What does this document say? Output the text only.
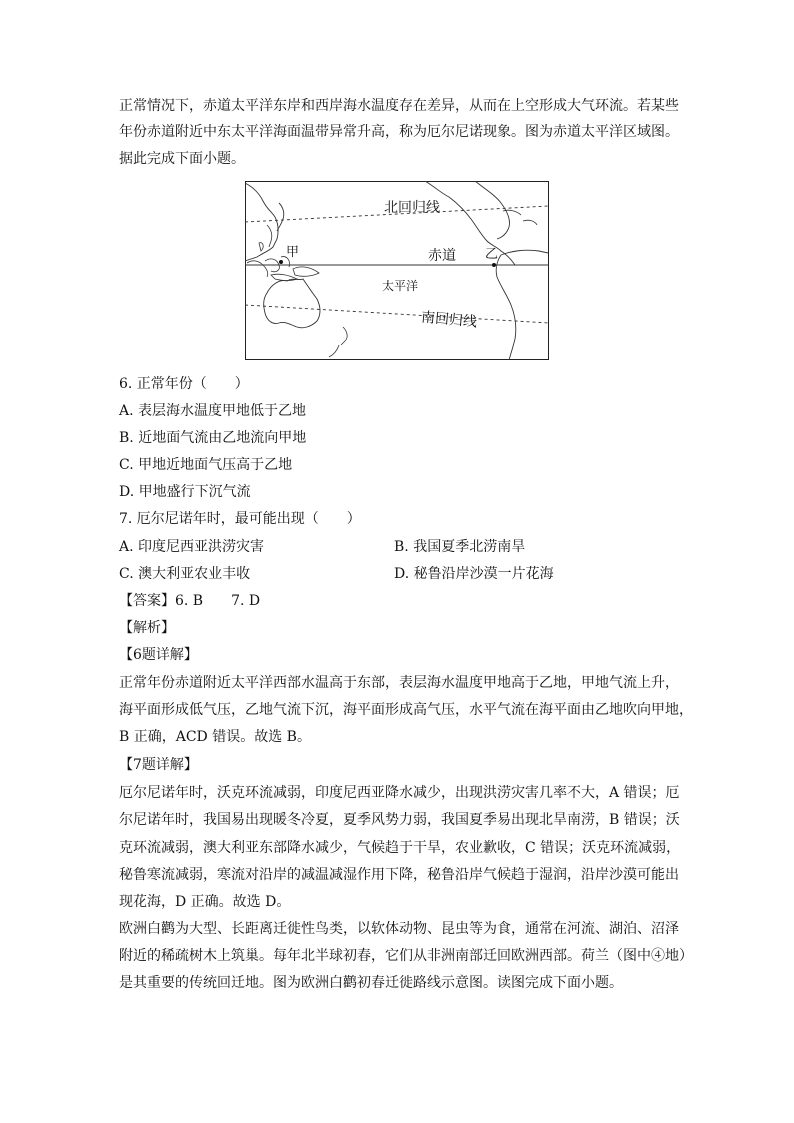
正常情况下，赤道太平洋东岸和西岸海水温度存在差异，从而在上空形成大气环流。若某些
年份赤道附近中东太平洋海面温带异常升高，称为厄尔尼诺现象。图为赤道太平洋区域图。
据此完成下面小题。
北回归线
甲	赤道 乙
太平洋
南回归线
6. 正常年份（　　）
A. 表层海水温度甲地低于乙地
B. 近地面气流由乙地流向甲地
C. 甲地近地面气压高于乙地
D. 甲地盛行下沉气流
7. 厄尔尼诺年时，最可能出现（　　）
A. 印度尼西亚洪涝灾害	B. 我国夏季北涝南旱
C. 澳大利亚农业丰收	D. 秘鲁沿岸沙漠一片花海
【答案】6. B　　7. D
【解析】
【6题详解】
正常年份赤道附近太平洋西部水温高于东部，表层海水温度甲地高于乙地，甲地气流上升，
海平面形成低气压，乙地气流下沉，海平面形成高气压，水平气流在海平面由乙地吹向甲地，
B 正确，ACD 错误。故选 B。
【7题详解】
厄尔尼诺年时，沃克环流减弱，印度尼西亚降水减少，出现洪涝灾害几率不大，A 错误；厄
尔尼诺年时，我国易出现暖冬冷夏，夏季风势力弱，我国夏季易出现北旱南涝，B 错误；沃
克环流减弱，澳大利亚东部降水减少，气候趋于干旱，农业歉收，C 错误；沃克环流减弱，
秘鲁寒流减弱，寒流对沿岸的减温减湿作用下降，秘鲁沿岸气候趋于湿润，沿岸沙漠可能出
现花海，D 正确。故选 D。
欧洲白鹳为大型、长距离迁徙性鸟类，以软体动物、昆虫等为食，通常在河流、湖泊、沼泽
附近的稀疏树木上筑巢。每年北半球初春，它们从非洲南部迁回欧洲西部。荷兰（图中④地）
是其重要的传统回迁地。图为欧洲白鹳初春迁徙路线示意图。读图完成下面小题。
